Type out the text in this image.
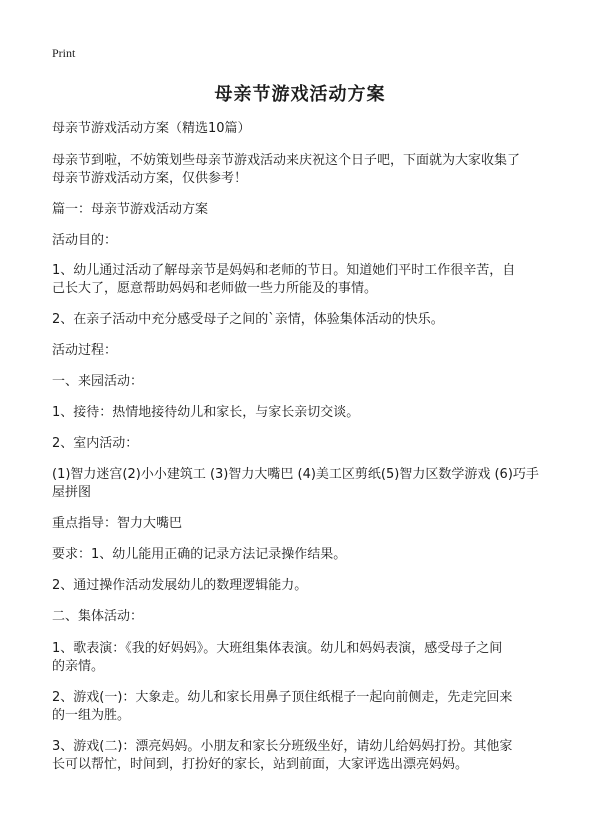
Print
母亲节游戏活动方案
母亲节游戏活动方案（精选10篇）
母亲节到啦，不妨策划些母亲节游戏活动来庆祝这个日子吧，下面就为大家收集了
母亲节游戏活动方案，仅供参考！
篇一：母亲节游戏活动方案
活动目的：
1、幼儿通过活动了解母亲节是妈妈和老师的节日。知道她们平时工作很辛苦，自
己长大了，愿意帮助妈妈和老师做一些力所能及的事情。
2、在亲子活动中充分感受母子之间的`亲情，体验集体活动的快乐。
活动过程：
一、来园活动：
1、接待：热情地接待幼儿和家长，与家长亲切交谈。
2、室内活动：
(1)智力迷宫(2)小小建筑工 (3)智力大嘴巴 (4)美工区剪纸(5)智力区数学游戏 (6)巧手
屋拼图
重点指导：智力大嘴巴
要求：1、幼儿能用正确的记录方法记录操作结果。
2、通过操作活动发展幼儿的数理逻辑能力。
二、集体活动：
1、歌表演：《我的好妈妈》。大班组集体表演。幼儿和妈妈表演，感受母子之间
的亲情。
2、游戏(一)：大象走。幼儿和家长用鼻子顶住纸棍子一起向前侧走，先走完回来
的一组为胜。
3、游戏(二)：漂亮妈妈。小朋友和家长分班级坐好，请幼儿给妈妈打扮。其他家
长可以帮忙，时间到，打扮好的家长，站到前面，大家评选出漂亮妈妈。
